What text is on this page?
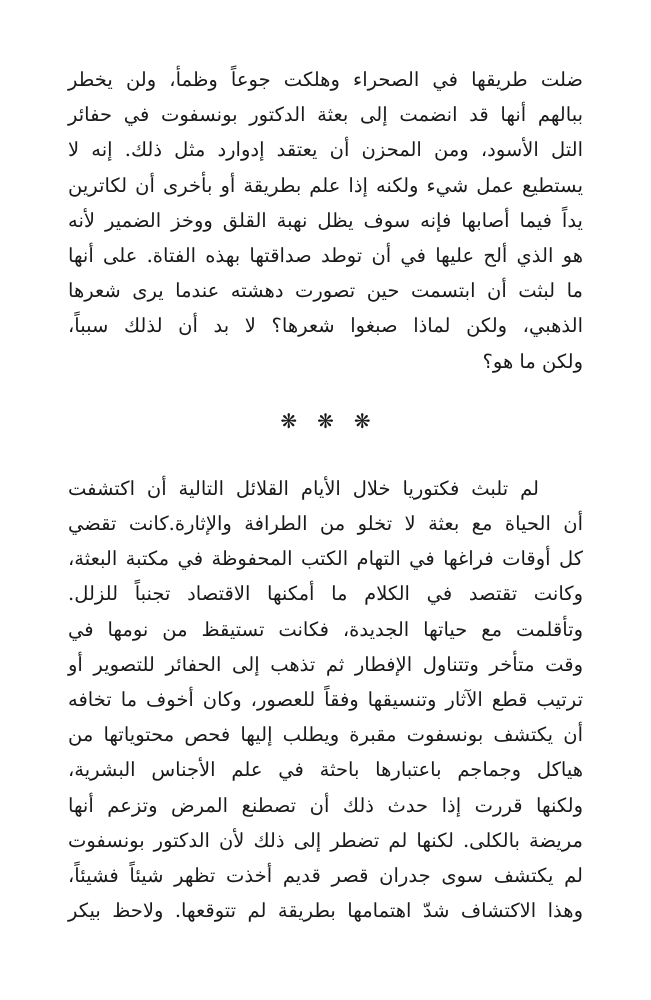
ضلت طريقها في الصحراء وهلكت جوعاً وظمأ، ولن يخطر
ببالهم أنها قد انضمت إلى بعثة الدكتور بونسفوت في حفائر
التل الأسود، ومن المحزن أن يعتقد إدوارد مثل ذلك. إنه لا
يستطيع عمل شيء ولكنه إذا علم بطريقة أو بأخرى أن لكاترين
يداً فيما أصابها فإنه سوف يظل نهبة القلق ووخز الضمير لأنه
هو الذي ألح عليها في أن توطد صداقتها بهذه الفتاة. على أنها
ما لبثت أن ابتسمت حين تصورت دهشته عندما يرى شعرها
الذهبي، ولكن لماذا صبغوا شعرها؟ لا بد أن لذلك سبباً،
ولكن ما هو؟
❋ ❋ ❋
لم تلبث فكتوريا خلال الأيام القلائل التالية أن اكتشفت
أن الحياة مع بعثة لا تخلو من الطرافة والإثارة.كانت تقضي
كل أوقات فراغها في التهام الكتب المحفوظة في مكتبة البعثة،
وكانت تقتصد في الكلام ما أمكنها الاقتصاد تجنباً للزلل.
وتأقلمت مع حياتها الجديدة، فكانت تستيقظ من نومها في
وقت متأخر وتتناول الإفطار ثم تذهب إلى الحفائر للتصوير أو
ترتيب قطع الآثار وتنسيقها وفقاً للعصور، وكان أخوف ما تخافه
أن يكتشف بونسفوت مقبرة ويطلب إليها فحص محتوياتها من
هياكل وجماجم باعتبارها باحثة في علم الأجناس البشرية،
ولكنها قررت إذا حدث ذلك أن تصطنع المرض وتزعم أنها
مريضة بالكلى. لكنها لم تضطر إلى ذلك لأن الدكتور بونسفوت
لم يكتشف سوى جدران قصر قديم أخذت تظهر شيئاً فشيئاً،
وهذا الاكتشاف شدّ اهتمامها بطريقة لم تتوقعها. ولاحظ بيكر
